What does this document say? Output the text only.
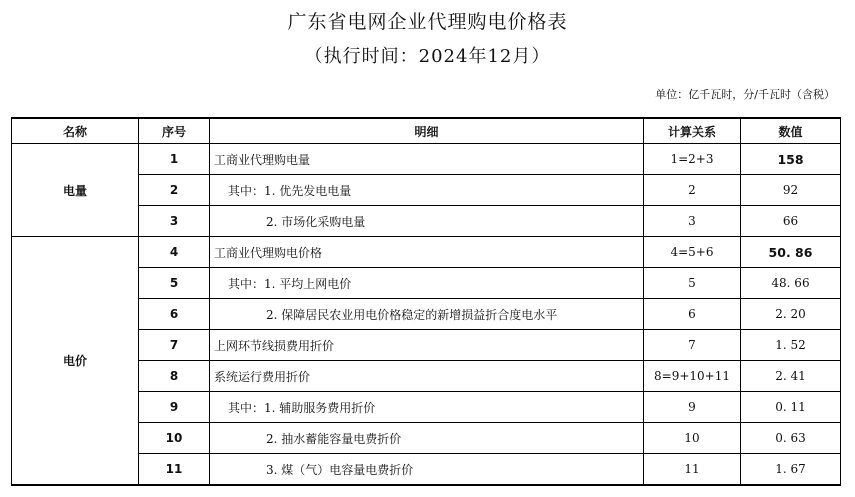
广东省电网企业代理购电价格表
（执行时间：2024年12月）
单位：亿千瓦时，分/千瓦时（含税）
名称	序号	明细	计算关系	数值
电量	1	工商业代理购电量	1=2+3	158
	2	其中：1. 优先发电电量	2	92
	3	2. 市场化采购电量	3	66
电价	4	工商业代理购电价格	4=5+6	50. 86
	5	其中：1. 平均上网电价	5	48. 66
	6	2. 保障居民农业用电价格稳定的新增损益折合度电水平	6	2. 20
	7	上网环节线损费用折价	7	1. 52
	8	系统运行费用折价	8=9+10+11	2. 41
	9	其中：1. 辅助服务费用折价	9	0. 11
	10	2. 抽水蓄能容量电费折价	10	0. 63
	11	3. 煤（气）电容量电费折价	11	1. 67
